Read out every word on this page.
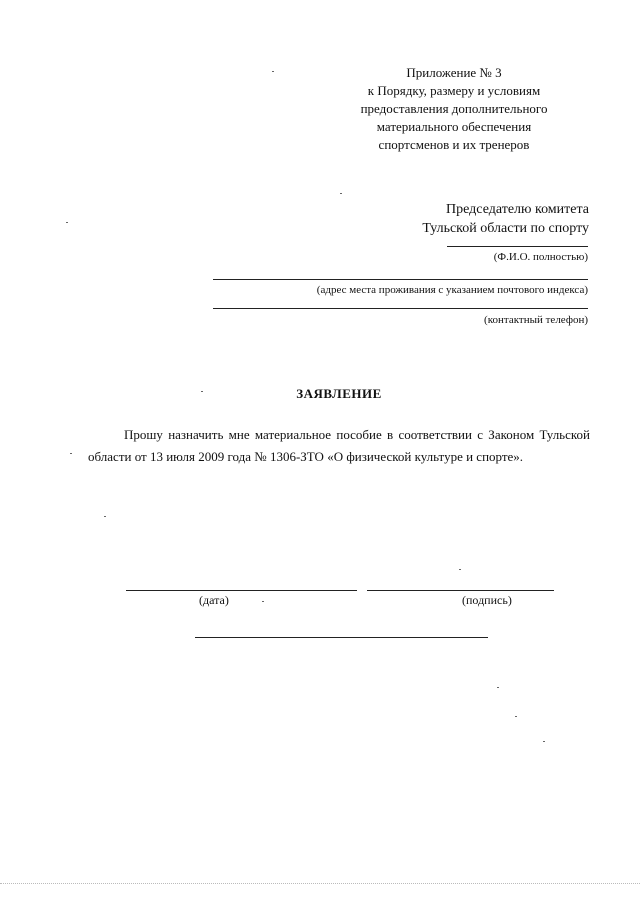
Приложение № 3
к Порядку, размеру и условиям
предоставления дополнительного
материального обеспечения
спортсменов и их тренеров
Председателю комитета
Тульской области по спорту
(Ф.И.О. полностью)
(адрес места проживания с указанием почтового индекса)
(контактный телефон)
ЗАЯВЛЕНИЕ
Прошу назначить мне материальное пособие в соответствии с Законом Тульской области от 13 июля 2009 года № 1306-ЗТО «О физической культуре и спорте».
(дата)	(подпись)
